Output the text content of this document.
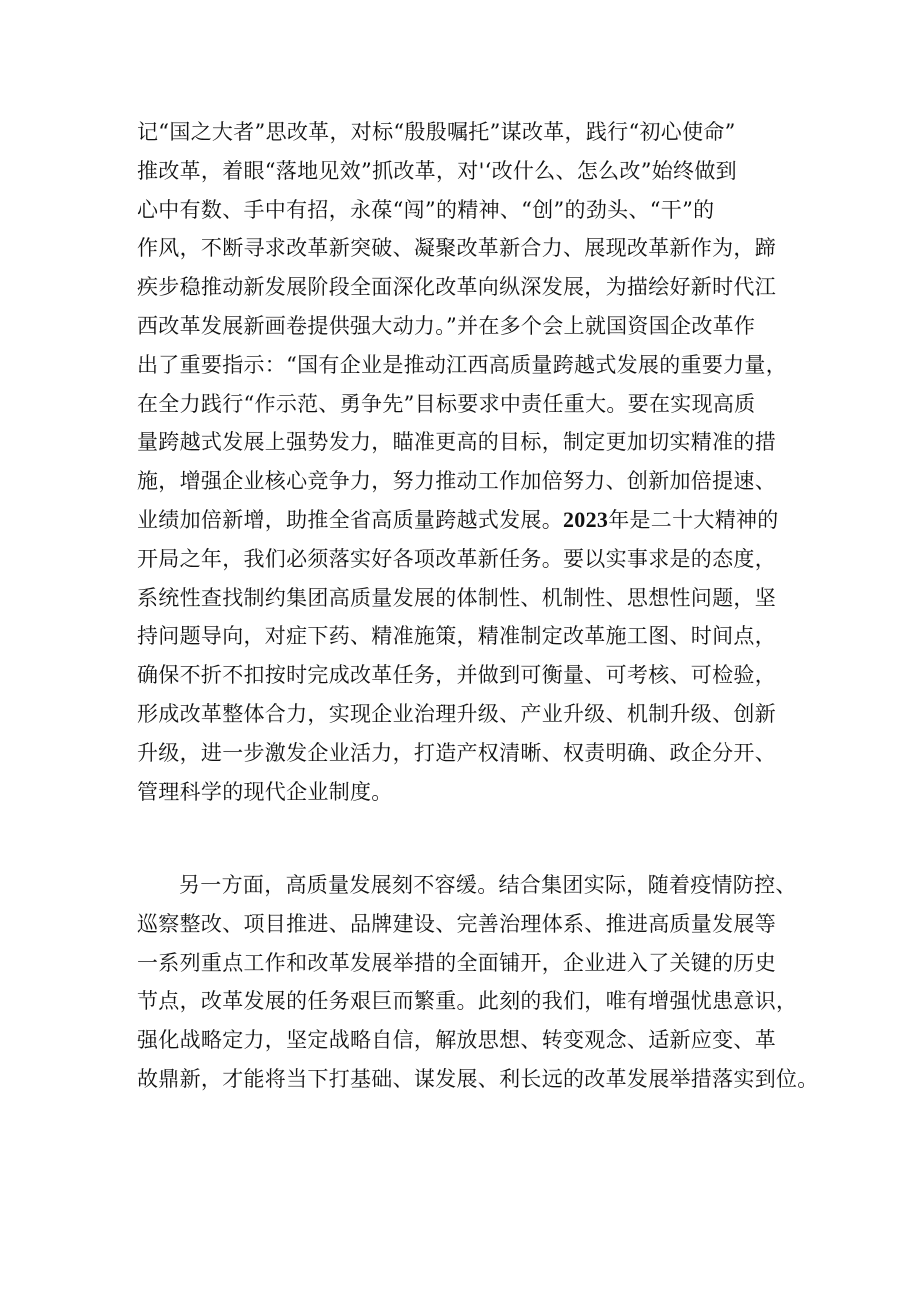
记“国之大者”思改革，对标“殷殷嘱托”谋改革，践行“初心使命”
推改革，着眼“落地见效”抓改革，对'‘改什么、怎么改”始终做到
心中有数、手中有招，永葆“闯”的精神、“创”的劲头、“干”的
作风，不断寻求改革新突破、凝聚改革新合力、展现改革新作为，蹄
疾步稳推动新发展阶段全面深化改革向纵深发展，为描绘好新时代江
西改革发展新画卷提供强大动力。”并在多个会上就国资国企改革作
出了重要指示：“国有企业是推动江西高质量跨越式发展的重要力量，
在全力践行“作示范、勇争先”目标要求中责任重大。要在实现高质
量跨越式发展上强势发力，瞄准更高的目标，制定更加切实精准的措
施，增强企业核心竞争力，努力推动工作加倍努力、创新加倍提速、
业绩加倍新增，助推全省高质量跨越式发展。2023年是二十大精神的
开局之年，我们必须落实好各项改革新任务。要以实事求是的态度，
系统性查找制约集团高质量发展的体制性、机制性、思想性问题，坚
持问题导向，对症下药、精准施策，精准制定改革施工图、时间点，
确保不折不扣按时完成改革任务，并做到可衡量、可考核、可检验，
形成改革整体合力，实现企业治理升级、产业升级、机制升级、创新
升级，进一步激发企业活力，打造产权清晰、权责明确、政企分开、
管理科学的现代企业制度。
另一方面，高质量发展刻不容缓。结合集团实际，随着疫情防控、
巡察整改、项目推进、品牌建设、完善治理体系、推进高质量发展等
一系列重点工作和改革发展举措的全面铺开，企业进入了关键的历史
节点，改革发展的任务艰巨而繁重。此刻的我们，唯有增强忧患意识，
强化战略定力，坚定战略自信，解放思想、转变观念、适新应变、革
故鼎新，才能将当下打基础、谋发展、利长远的改革发展举措落实到位。
